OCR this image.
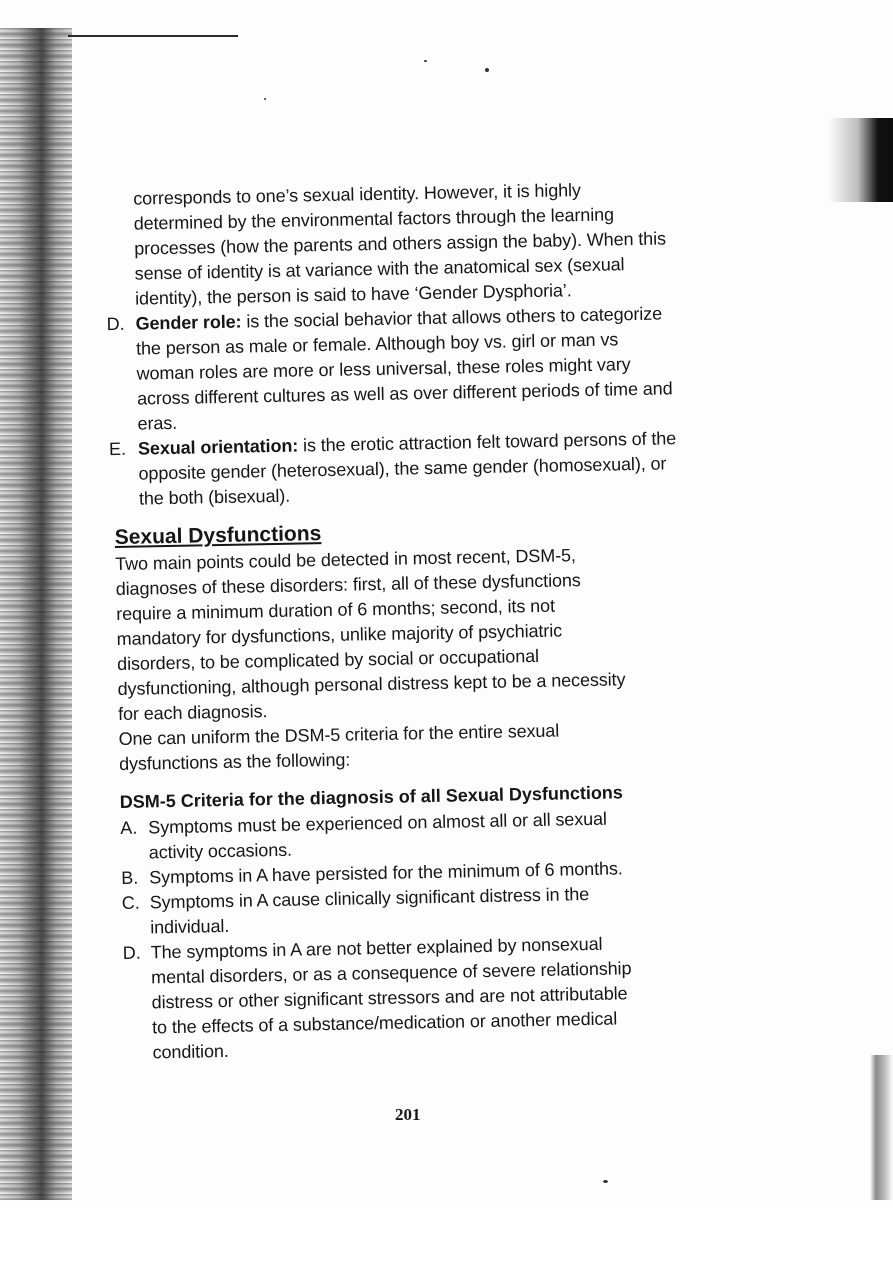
corresponds to one’s sexual identity. However, it is highly
determined by the environmental factors through the learning
processes (how the parents and others assign the baby). When this
sense of identity is at variance with the anatomical sex (sexual
identity), the person is said to have ‘Gender Dysphoria’.
D. Gender role: is the social behavior that allows others to categorize
the person as male or female. Although boy vs. girl or man vs
woman roles are more or less universal, these roles might vary
across different cultures as well as over different periods of time and
eras.
E. Sexual orientation: is the erotic attraction felt toward persons of the
opposite gender (heterosexual), the same gender (homosexual), or
the both (bisexual).
Sexual Dysfunctions
Two main points could be detected in most recent, DSM-5,
diagnoses of these disorders: first, all of these dysfunctions
require a minimum duration of 6 months; second, its not
mandatory for dysfunctions, unlike majority of psychiatric
disorders, to be complicated by social or occupational
dysfunctioning, although personal distress kept to be a necessity
for each diagnosis.
One can uniform the DSM-5 criteria for the entire sexual
dysfunctions as the following:
DSM-5 Criteria for the diagnosis of all Sexual Dysfunctions
A. Symptoms must be experienced on almost all or all sexual
activity occasions.
B. Symptoms in A have persisted for the minimum of 6 months.
C. Symptoms in A cause clinically significant distress in the
individual.
D. The symptoms in A are not better explained by nonsexual
mental disorders, or as a consequence of severe relationship
distress or other significant stressors and are not attributable
to the effects of a substance/medication or another medical
condition.
201
